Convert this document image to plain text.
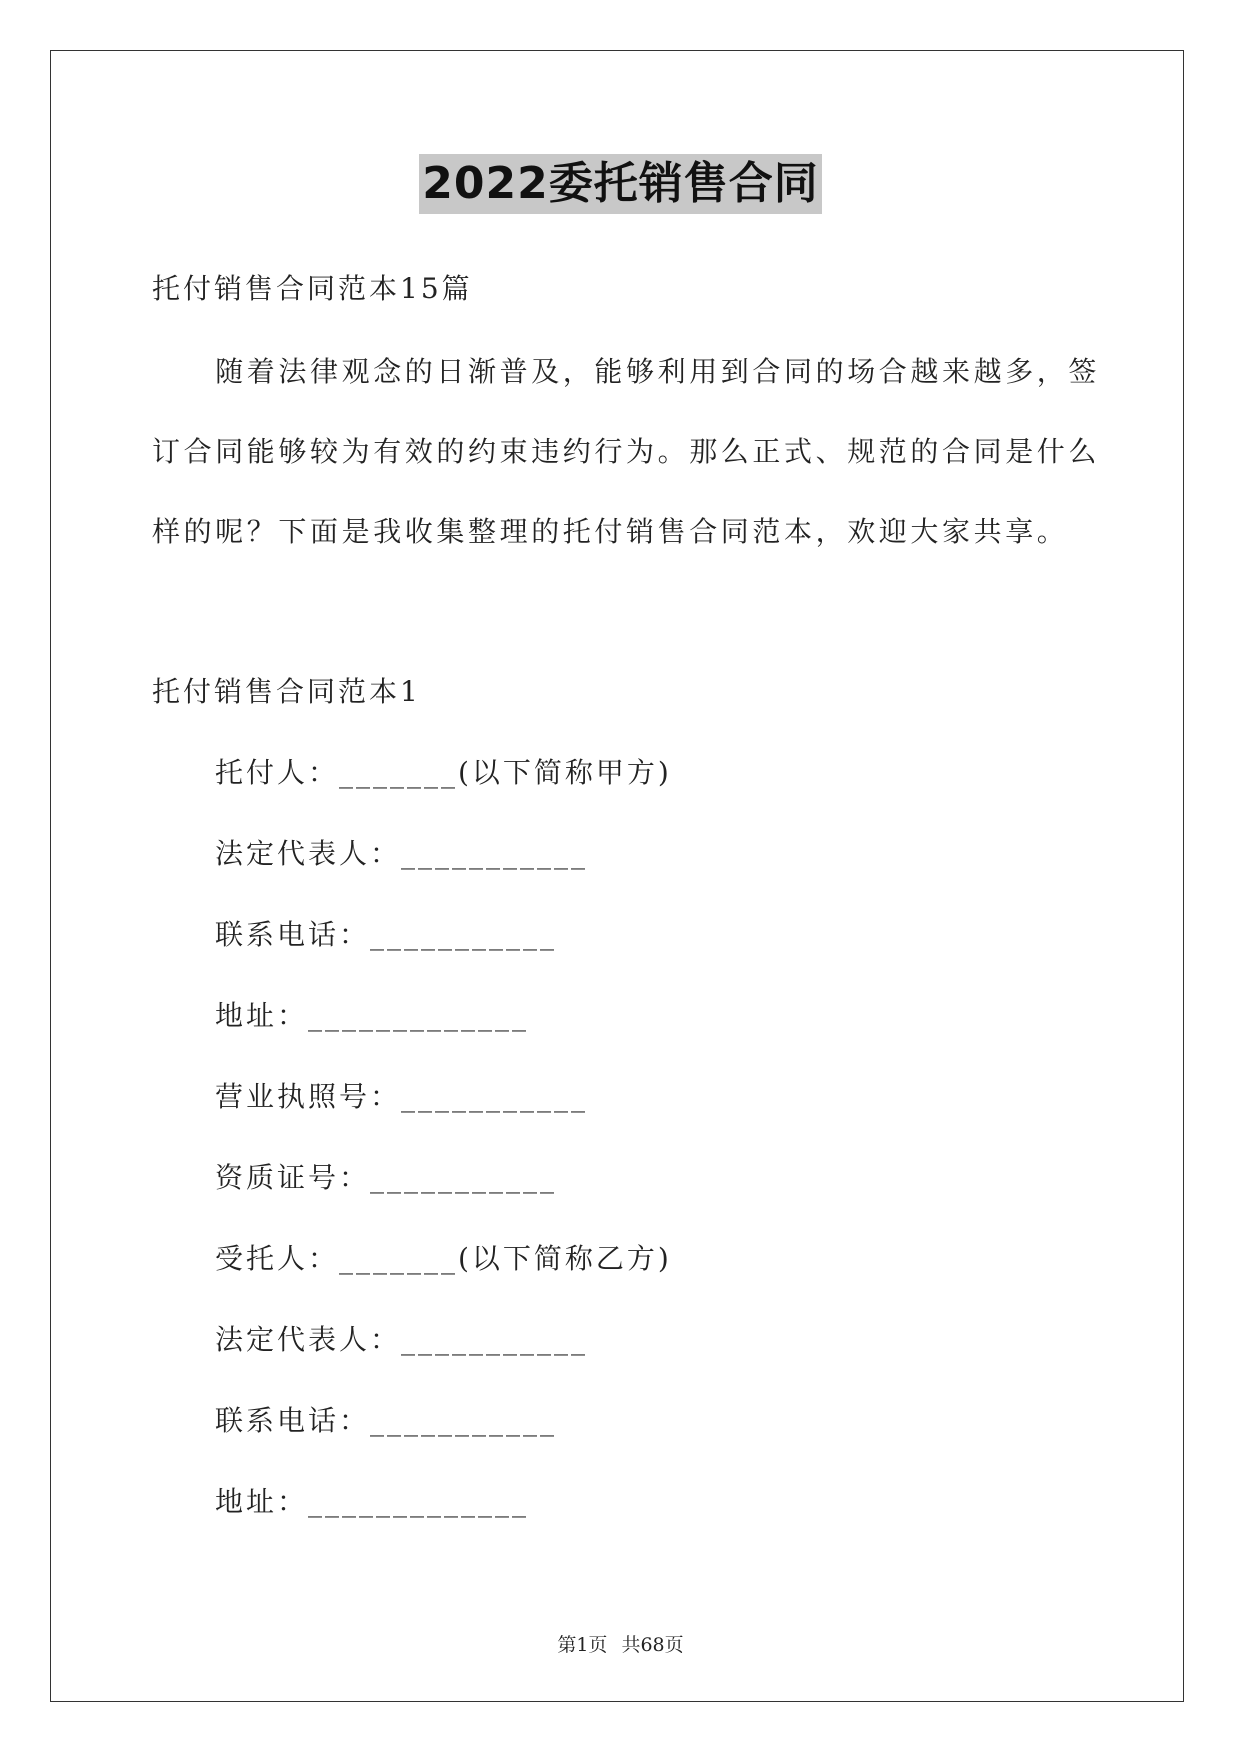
2022委托销售合同
托付销售合同范本15篇
　　随着法律观念的日渐普及，能够利用到合同的场合越来越多，签
订合同能够较为有效的约束违约行为。那么正式、规范的合同是什么
样的呢？下面是我收集整理的托付销售合同范本，欢迎大家共享。
托付销售合同范本1
托付人：_______(以下简称甲方)
法定代表人：___________
联系电话：___________
地址：_____________
营业执照号：___________
资质证号：___________
受托人：_______(以下简称乙方)
法定代表人：___________
联系电话：___________
地址：_____________
第1页 共68页
